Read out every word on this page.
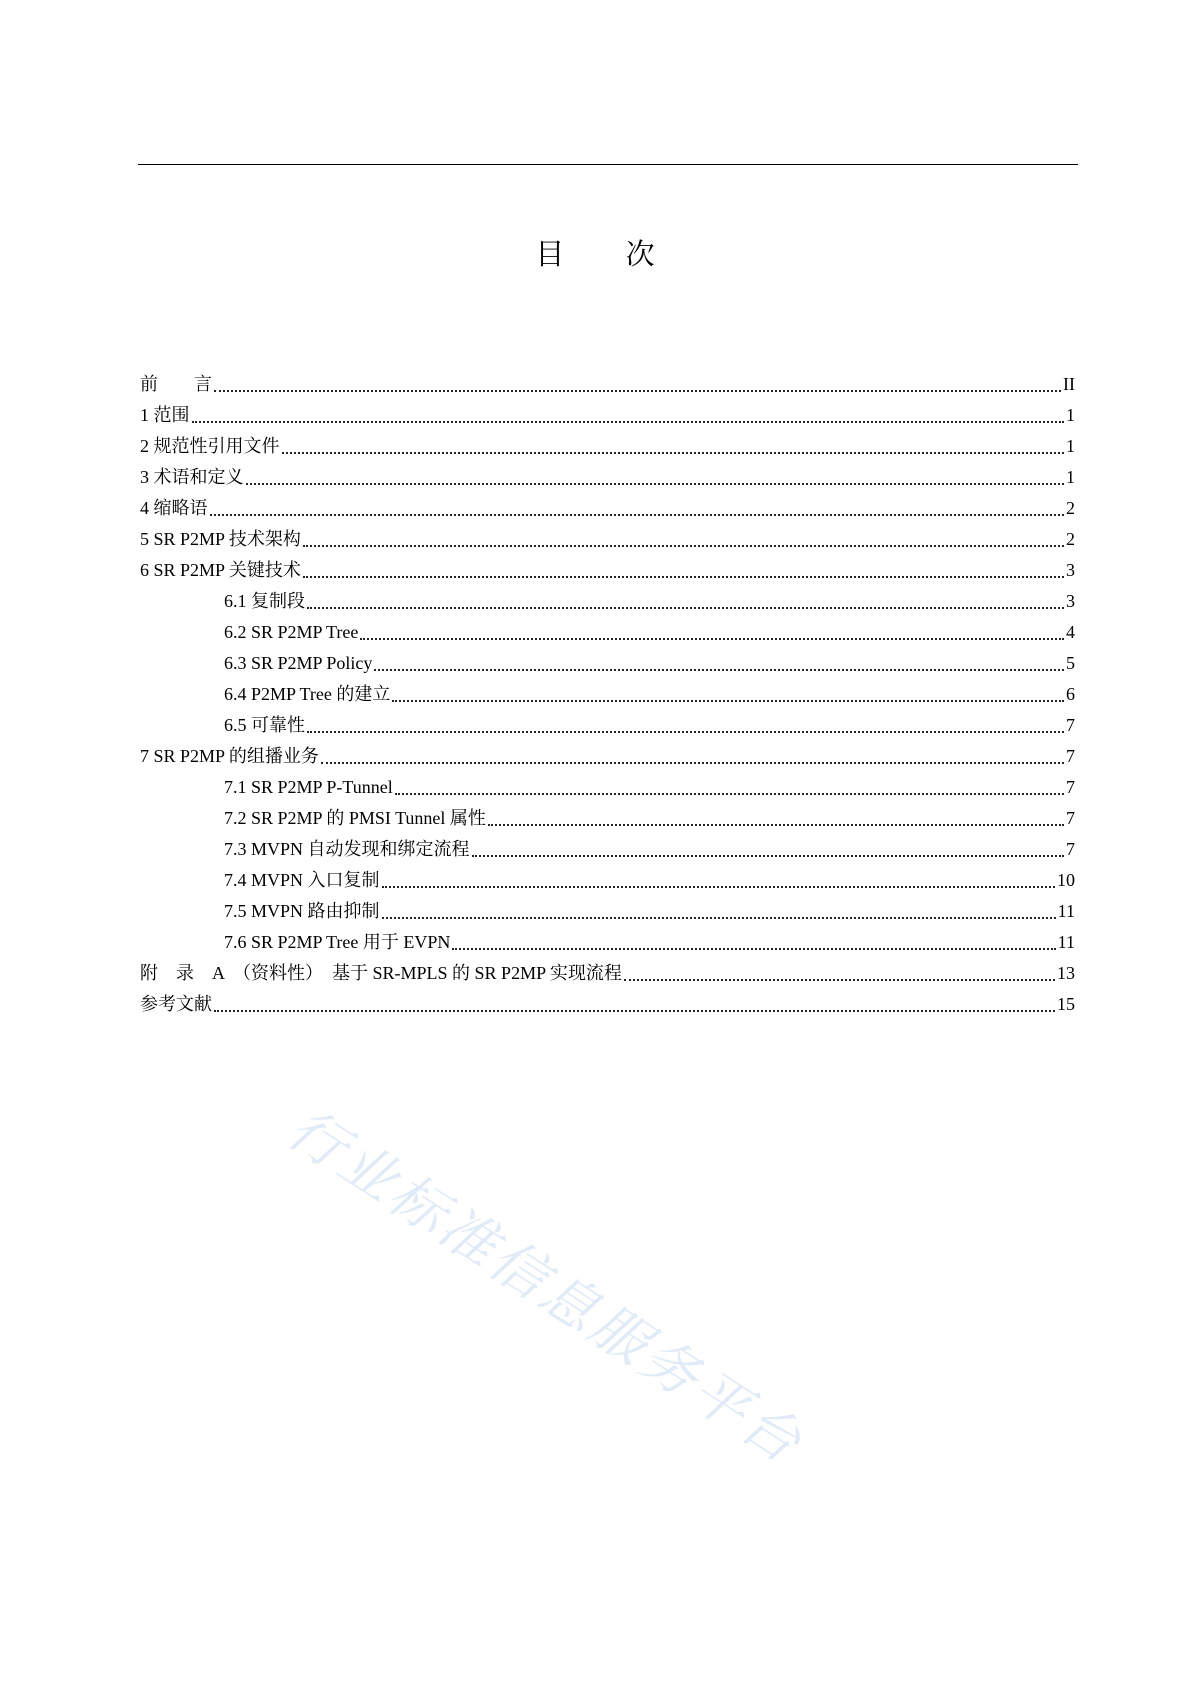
目 次
前　　言	II
1 范围	1
2 规范性引用文件	1
3 术语和定义	1
4 缩略语	2
5 SR P2MP 技术架构	2
6 SR P2MP 关键技术	3
6.1 复制段	3
6.2 SR P2MP Tree	4
6.3 SR P2MP Policy	5
6.4 P2MP Tree 的建立	6
6.5 可靠性	7
7 SR P2MP 的组播业务	7
7.1 SR P2MP P-Tunnel	7
7.2 SR P2MP 的 PMSI Tunnel 属性	7
7.3 MVPN 自动发现和绑定流程	7
7.4 MVPN 入口复制	10
7.5 MVPN 路由抑制	11
7.6 SR P2MP Tree 用于 EVPN	11
附　录　A　（资料性）　基于 SR-MPLS 的 SR P2MP 实现流程	13
参考文献	15
行业标准信息服务平台
